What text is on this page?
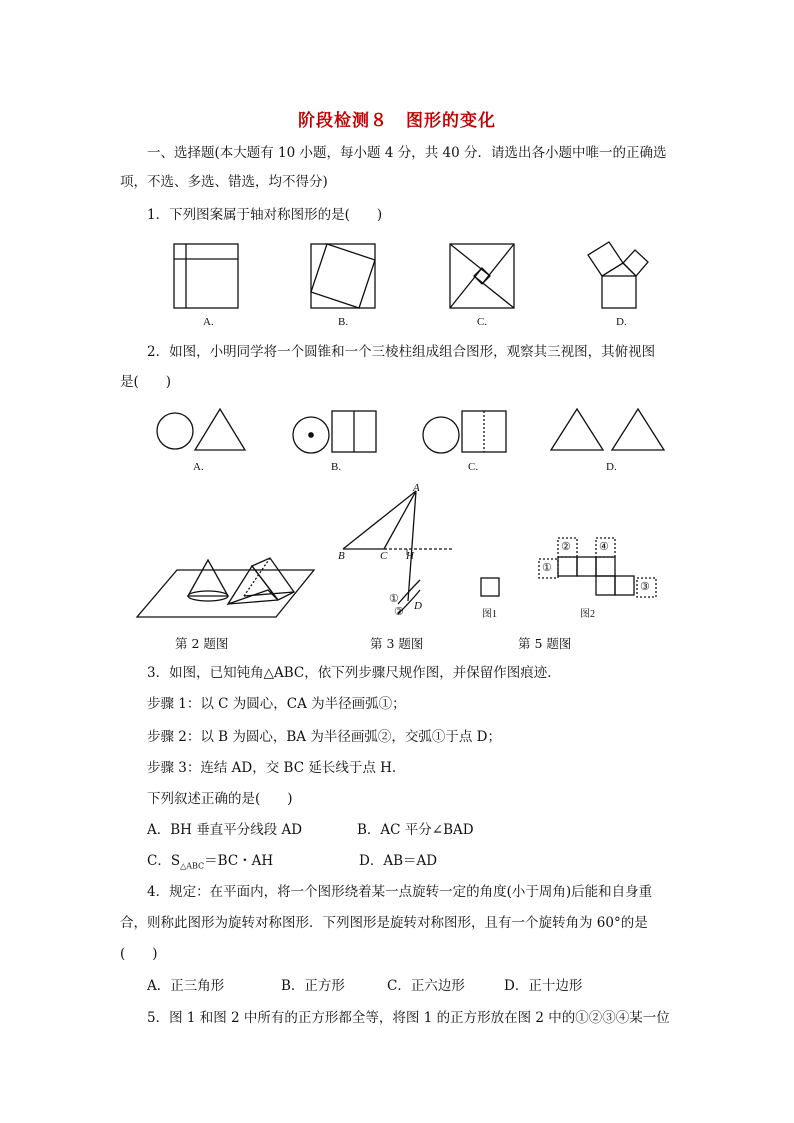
阶段检测８　图形的变化
一、选择题(本大题有 10 小题，每小题 4 分，共 40 分．请选出各小题中唯一的正确选
项，不选、多选、错选，均不得分)
1．下列图案属于轴对称图形的是(　　)
A.	B.	C.	D.
2．如图，小明同学将一个圆锥和一个三棱柱组成组合图形，观察其三视图，其俯视图
是(　　)
A.	B.	C.	D.
A
B	C H
D
①
②	图1	图2
①
②
③
④
第 2 题图	第 3 题图	第 5 题图
3．如图，已知钝角△ABC，依下列步骤尺规作图，并保留作图痕迹．
步骤 1：以 C 为圆心，CA 为半径画弧①；
步骤 2：以 B 为圆心，BA 为半径画弧②，交弧①于点 D；
步骤 3：连结 AD，交 BC 延长线于点 H.
下列叙述正确的是(　　)
A．BH 垂直平分线段 AD	B．AC 平分∠BAD
C．$S_{\triangle ABC}=BC$・AH	D．AB＝AD
4．规定：在平面内，将一个图形绕着某一点旋转一定的角度(小于周角)后能和自身重
合，则称此图形为旋转对称图形．下列图形是旋转对称图形，且有一个旋转角为 60°的是
(　　)
A．正三角形	B．正方形	C．正六边形	D．正十边形
5．图 1 和图 2 中所有的正方形都全等，将图 1 的正方形放在图 2 中的①②③④某一位
